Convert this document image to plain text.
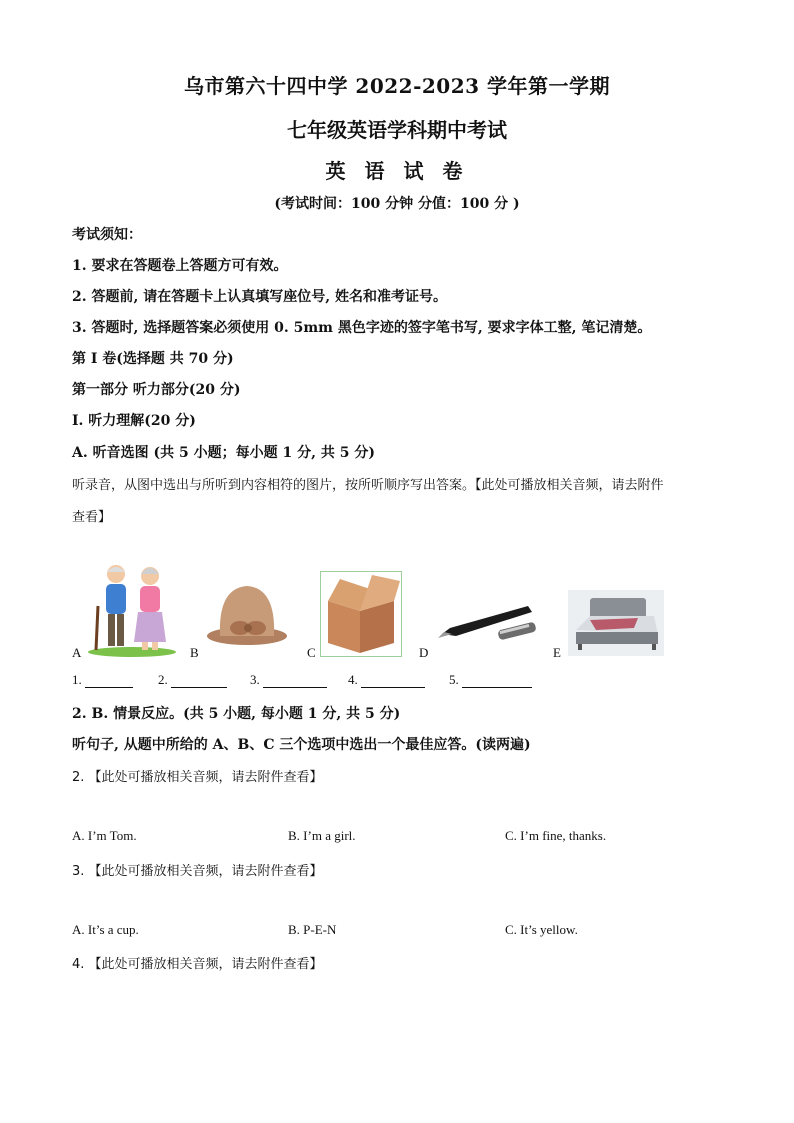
乌市第六十四中学 2022-2023 学年第一学期
七年级英语学科期中考试
英 语 试 卷
(考试时间：100 分钟 分值：100 分 )
考试须知：
1. 要求在答题卷上答题方可有效。
2. 答题前, 请在答题卡上认真填写座位号, 姓名和准考证号。
3. 答题时, 选择题答案必须使用 0. 5mm 黑色字迹的签字笔书写, 要求字体工整, 笔记清楚。
第 I 卷(选择题 共 70 分)
第一部分 听力部分(20 分)
I. 听力理解(20 分)
A. 听音选图 (共 5 小题；每小题 1 分, 共 5 分)
听录音，从图中选出与所听到内容相符的图片，按所听顺序写出答案。【此处可播放相关音频，请去附件
查看】
A	B	C	D	E
1.	2.	3.	4.	5.
2. B. 情景反应。(共 5 小题, 每小题 1 分, 共 5 分)
听句子, 从题中所给的 A、B、C 三个选项中选出一个最佳应答。(读两遍)
2. 【此处可播放相关音频，请去附件查看】
A. I’m Tom.	B. I’m a girl.	C. I’m fine, thanks.
3. 【此处可播放相关音频，请去附件查看】
A. It’s a cup.	B. P-E-N	C. It’s yellow.
4. 【此处可播放相关音频，请去附件查看】
